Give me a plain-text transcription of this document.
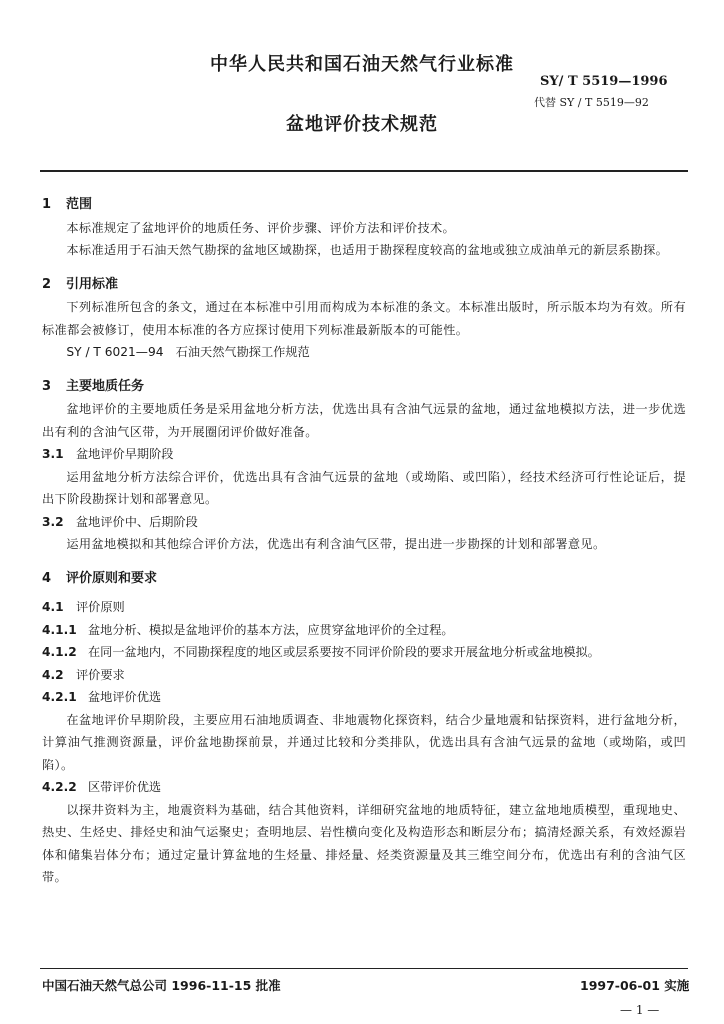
中华人民共和国石油天然气行业标准
SY/ T 5519—1996
代替 SY / T 5519—92
盆地评价技术规范
1 范围

本标准规定了盆地评价的地质任务、评价步骤、评价方法和评价技术。

本标准适用于石油天然气勘探的盆地区域勘探，也适用于勘探程度较高的盆地或独立成油单元的新层系勘探。

2 引用标准

下列标准所包含的条文，通过在本标准中引用而构成为本标准的条文。本标准出版时，所示版本均为有效。所有标准都会被修订，使用本标准的各方应探讨使用下列标准最新版本的可能性。

SY / T 6021—94　石油天然气勘探工作规范
3 主要地质任务

盆地评价的主要地质任务是采用盆地分析方法，优选出具有含油气远景的盆地，通过盆地模拟方法，进一步优选出有利的含油气区带，为开展圈闭评价做好准备。

3.1 盆地评价早期阶段

运用盆地分析方法综合评价，优选出具有含油气远景的盆地（或坳陷、或凹陷），经技术经济可行性论证后，提出下阶段勘探计划和部署意见。

3.2 盆地评价中、后期阶段

运用盆地模拟和其他综合评价方法，优选出有利含油气区带，提出进一步勘探的计划和部署意见。

4 评价原则和要求
4.1 评价原则
4.1.1 盆地分析、模拟是盆地评价的基本方法，应贯穿盆地评价的全过程。
4.1.2 在同一盆地内，不同勘探程度的地区或层系要按不同评价阶段的要求开展盆地分析或盆地模拟。
4.2 评价要求
4.2.1 盆地评价优选

在盆地评价早期阶段，主要应用石油地质调查、非地震物化探资料，结合少量地震和钻探资料，进行盆地分析，计算油气推测资源量，评价盆地勘探前景，并通过比较和分类排队，优选出具有含油气远景的盆地（或坳陷，或凹陷）。

4.2.2 区带评价优选

以探井资料为主，地震资料为基础，结合其他资料，详细研究盆地的地质特征，建立盆地地质模型，重现地史、热史、生烃史、排烃史和油气运聚史；查明地层、岩性横向变化及构造形态和断层分布；搞清烃源关系，有效烃源岩体和储集岩体分布；通过定量计算盆地的生烃量、排烃量、烃类资源量及其三维空间分布，优选出有利的含油气区带。

中国石油天然气总公司 1996-11-15 批准	1997-06-01 实施
— 1 —
